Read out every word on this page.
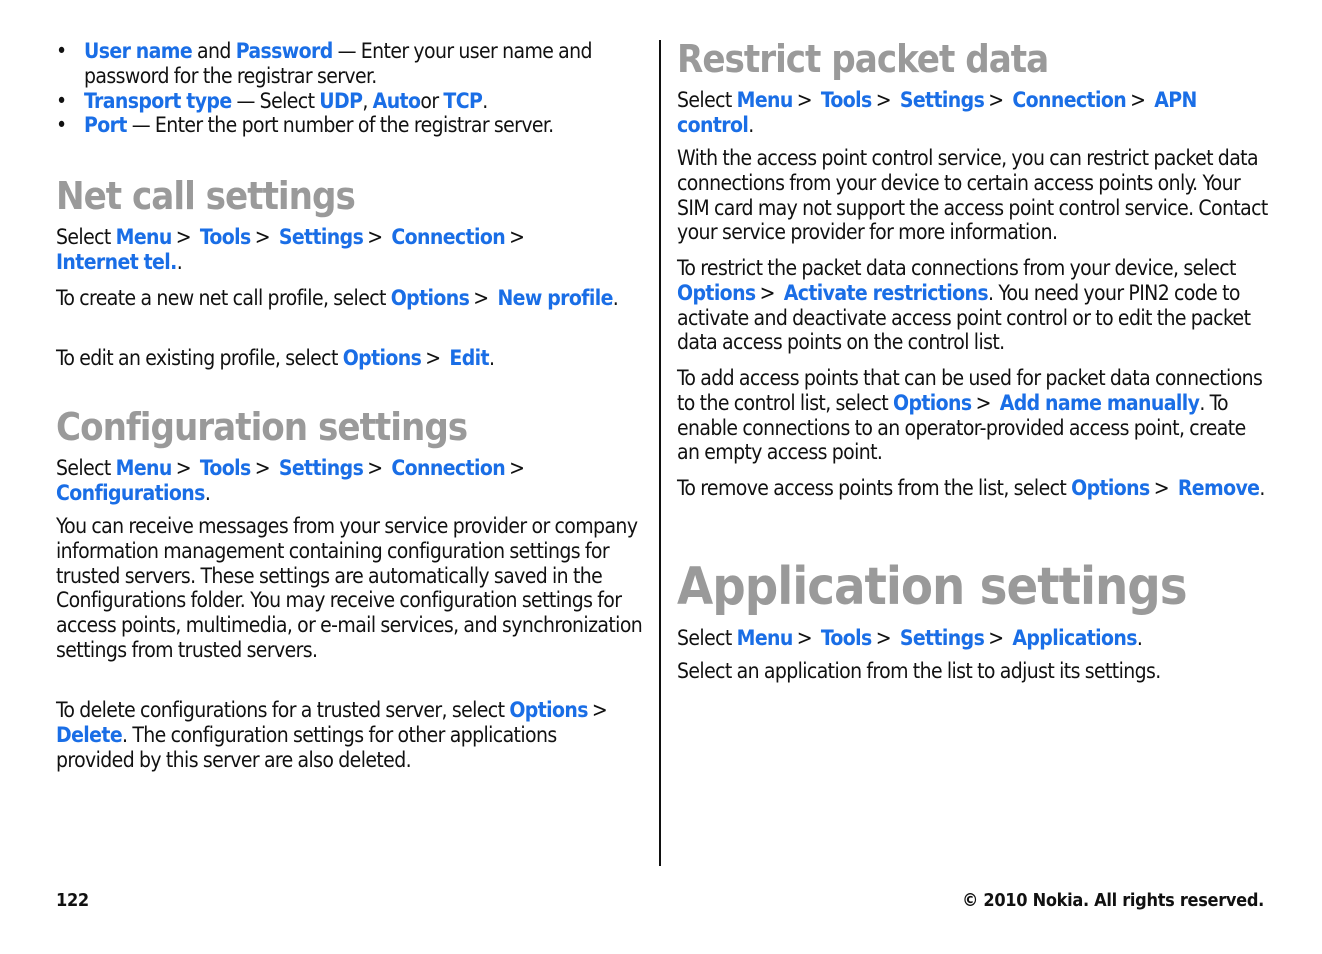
• User name and Password — Enter your user name and password for the registrar server.
• Transport type — Select UDP, Autoor TCP.
• Port — Enter the port number of the registrar server.
Net call settings

Select Menu > Tools > Settings > Connection >
Internet tel..

To create a new net call profile, select Options > New profile.

To edit an existing profile, select Options > Edit.

Configuration settings

Select Menu > Tools > Settings > Connection >
Configurations.

You can receive messages from your service provider or company information management containing configuration settings for trusted servers. These settings are automatically saved in the Configurations folder. You may receive configuration settings for access points, multimedia, or e-mail services, and synchronization settings from trusted servers.

To delete configurations for a trusted server, select Options > Delete. The configuration settings for other applications provided by this server are also deleted.

Restrict packet data

Select Menu > Tools > Settings > Connection > APN control.

With the access point control service, you can restrict packet data connections from your device to certain access points only. Your SIM card may not support the access point control service. Contact your service provider for more information.

To restrict the packet data connections from your device, select Options > Activate restrictions. You need your PIN2 code to activate and deactivate access point control or to edit the packet data access points on the control list.

To add access points that can be used for packet data connections to the control list, select Options > Add name manually. To enable connections to an operator-provided access point, create an empty access point.

To remove access points from the list, select Options > Remove.

Application settings

Select Menu > Tools > Settings > Applications.

Select an application from the list to adjust its settings.

122	© 2010 Nokia. All rights reserved.
